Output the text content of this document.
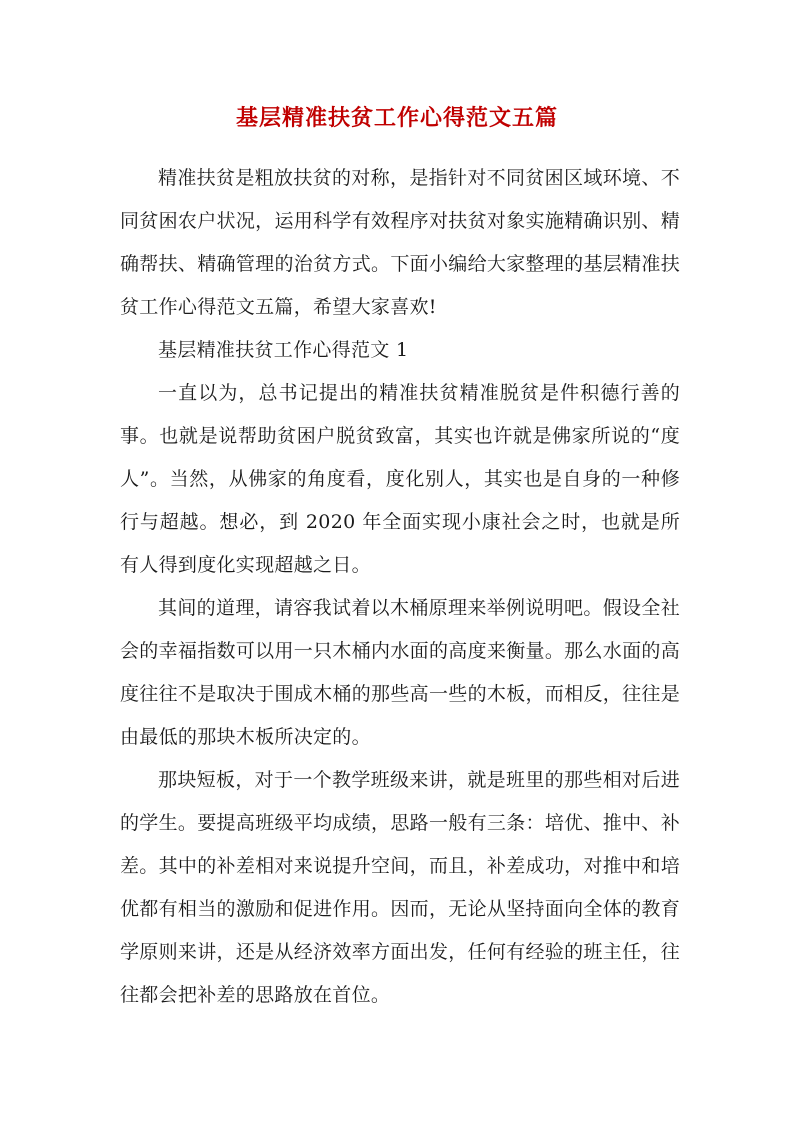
基层精准扶贫工作心得范文五篇

精准扶贫是粗放扶贫的对称，是指针对不同贫困区域环境、不同贫困农户状况，运用科学有效程序对扶贫对象实施精确识别、精确帮扶、精确管理的治贫方式。下面小编给大家整理的基层精准扶贫工作心得范文五篇，希望大家喜欢!

基层精准扶贫工作心得范文 1

一直以为，总书记提出的精准扶贫精准脱贫是件积德行善的事。也就是说帮助贫困户脱贫致富，其实也许就是佛家所说的“度人”。当然，从佛家的角度看，度化别人，其实也是自身的一种修行与超越。想必，到 2020 年全面实现小康社会之时，也就是所有人得到度化实现超越之日。

其间的道理，请容我试着以木桶原理来举例说明吧。假设全社会的幸福指数可以用一只木桶内水面的高度来衡量。那么水面的高度往往不是取决于围成木桶的那些高一些的木板，而相反，往往是由最低的那块木板所决定的。

那块短板，对于一个教学班级来讲，就是班里的那些相对后进的学生。要提高班级平均成绩，思路一般有三条：培优、推中、补差。其中的补差相对来说提升空间，而且，补差成功，对推中和培优都有相当的激励和促进作用。因而，无论从坚持面向全体的教育学原则来讲，还是从经济效率方面出发，任何有经验的班主任，往往都会把补差的思路放在首位。
